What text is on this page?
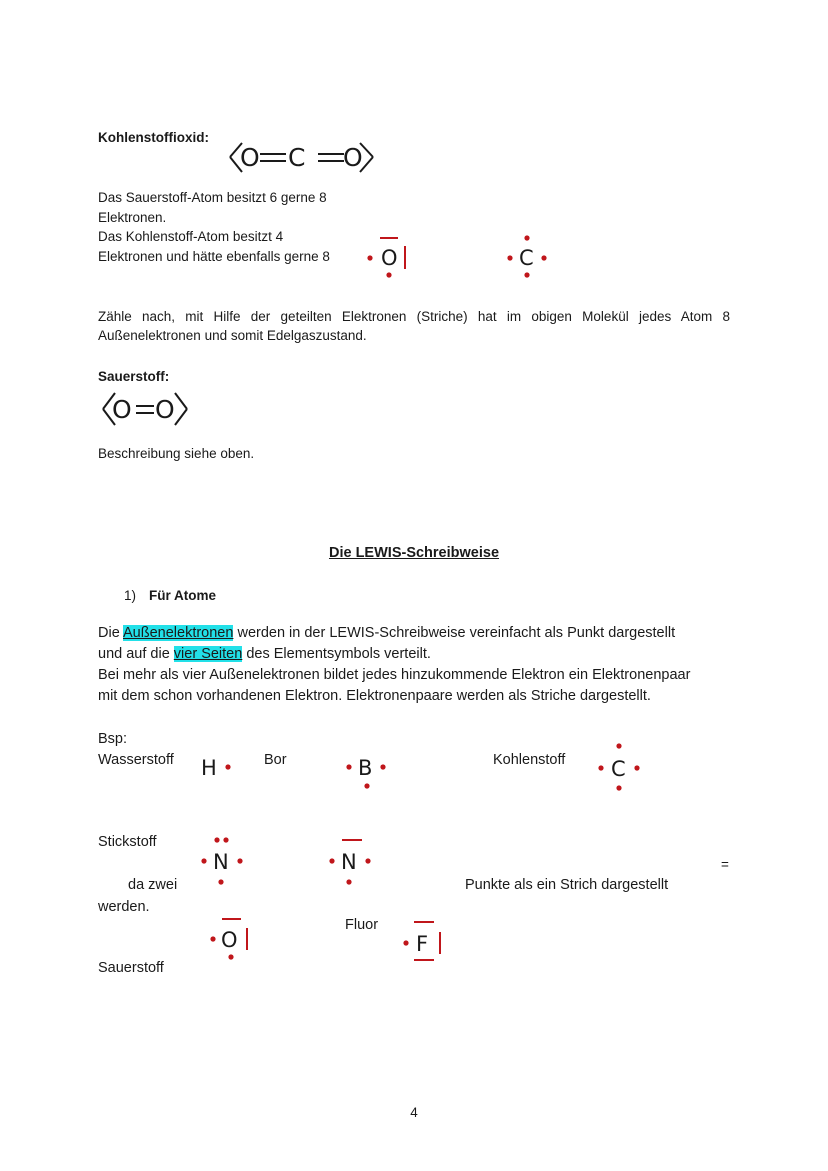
Kohlenstoffioxid:
O C O
Das Sauerstoff-Atom besitzt 6 gerne 8
Elektronen.
Das Kohlenstoff-Atom besitzt 4
Elektronen und hätte ebenfalls gerne 8	O	C
Zähle nach, mit Hilfe der geteilten Elektronen (Striche) hat im obigen Molekül jedes Atom 8
Außenelektronen und somit Edelgaszustand.
Sauerstoff:
O O
Beschreibung siehe oben.
Die LEWIS-Schreibweise
1) Für Atome
Die Außenelektronen werden in der LEWIS-Schreibweise vereinfacht als Punkt dargestellt
und auf die vier Seiten des Elementsymbols verteilt.
Bei mehr als vier Außenelektronen bildet jedes hinzukommende Elektron ein Elektronenpaar
mit dem schon vorhandenen Elektron. Elektronenpaare werden als Striche dargestellt.
Bsp:
Wasserstoff H	Bor	B	Kohlenstoff C
Stickstoff
N	N	=
da zwei	Punkte als ein Strich dargestellt
werden.
O
Sauerstoff
Fluor
F
4
